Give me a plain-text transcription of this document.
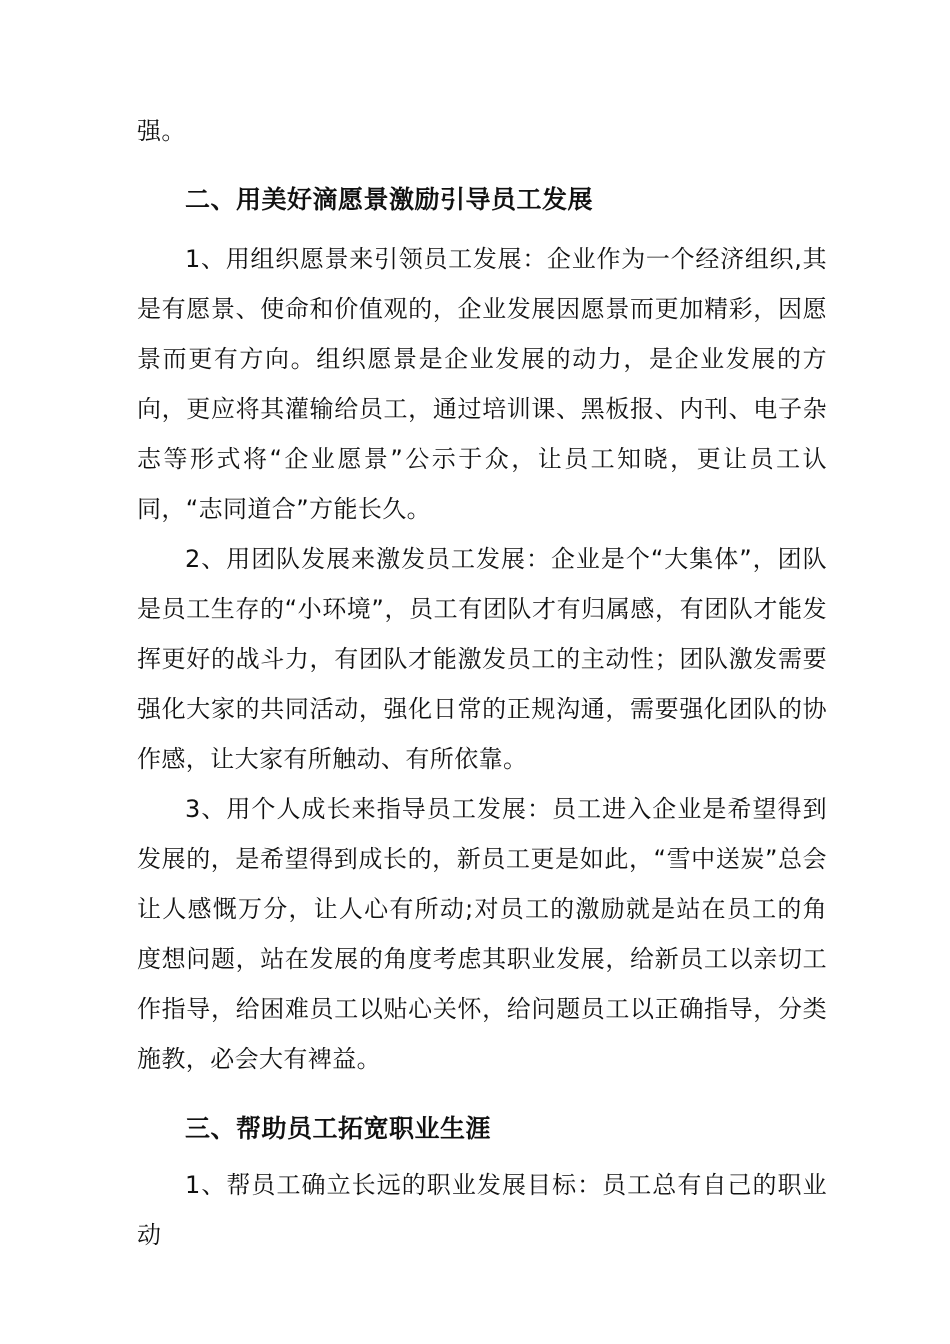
强。

二、用美好滴愿景激励引导员工发展

1、用组织愿景来引领员工发展：企业作为一个经济组织,其是有愿景、使命和价值观的，企业发展因愿景而更加精彩，因愿景而更有方向。组织愿景是企业发展的动力，是企业发展的方向，更应将其灌输给员工，通过培训课、黑板报、内刊、电子杂志等形式将“企业愿景”公示于众，让员工知晓，更让员工认同，“志同道合”方能长久。

2、用团队发展来激发员工发展：企业是个“大集体”，团队是员工生存的“小环境”，员工有团队才有归属感，有团队才能发挥更好的战斗力，有团队才能激发员工的主动性；团队激发需要强化大家的共同活动，强化日常的正规沟通，需要强化团队的协作感，让大家有所触动、有所依靠。

3、用个人成长来指导员工发展：员工进入企业是希望得到发展的，是希望得到成长的，新员工更是如此，“雪中送炭”总会让人感慨万分，让人心有所动;对员工的激励就是站在员工的角度想问题，站在发展的角度考虑其职业发展，给新员工以亲切工作指导，给困难员工以贴心关怀，给问题员工以正确指导，分类施教，必会大有裨益。

三、帮助员工拓宽职业生涯

1、帮员工确立长远的职业发展目标：员工总有自己的职业动
